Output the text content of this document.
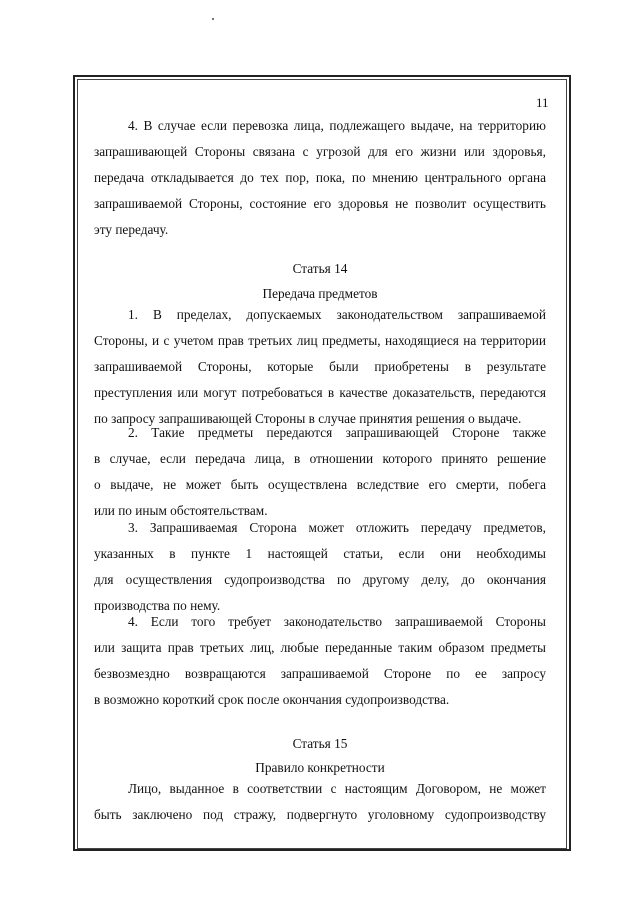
11

4. В случае если перевозка лица, подлежащего выдаче, на территорию

запрашивающей Стороны связана с угрозой для его жизни или здоровья,

передача откладывается до тех пор, пока, по мнению центрального органа

запрашиваемой Стороны, состояние его здоровья не позволит осуществить

эту передачу.

Статья 14
Передача предметов

1. В пределах, допускаемых законодательством запрашиваемой

Стороны, и с учетом прав третьих лиц предметы, находящиеся на территории

запрашиваемой Стороны, которые были приобретены в результате

преступления или могут потребоваться в качестве доказательств, передаются

по запросу запрашивающей Стороны в случае принятия решения о выдаче.

2. Такие предметы передаются запрашивающей Стороне также

в случае, если передача лица, в отношении которого принято решение

о выдаче, не может быть осуществлена вследствие его смерти, побега

или по иным обстоятельствам.

3. Запрашиваемая Сторона может отложить передачу предметов,

указанных в пункте 1 настоящей статьи, если они необходимы

для осуществления судопроизводства по другому делу, до окончания

производства по нему.

4. Если того требует законодательство запрашиваемой Стороны

или защита прав третьих лиц, любые переданные таким образом предметы

безвозмездно возвращаются запрашиваемой Стороне по ее запросу

в возможно короткий срок после окончания судопроизводства.

Статья 15
Правило конкретности

Лицо, выданное в соответствии с настоящим Договором, не может

быть заключено под стражу, подвергнуто уголовному судопроизводству
